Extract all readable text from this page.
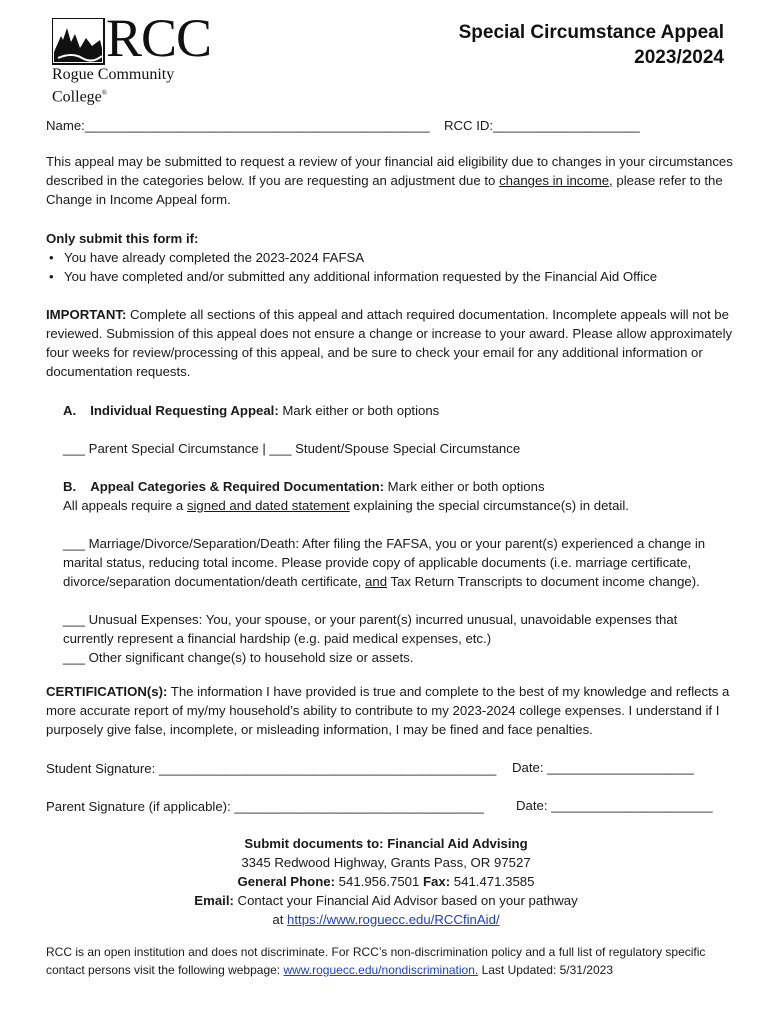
RCC
Rogue Community College®
Special Circumstance Appeal
2023/2024
Name:_______________________________________________ RCC ID:____________________

This appeal may be submitted to request a review of your financial aid eligibility due to changes in your circumstances described in the categories below. If you are requesting an adjustment due to changes in income, please refer to the Change in Income Appeal form.

Only submit this form if:
• You have already completed the 2023-2024 FAFSA
• You have completed and/or submitted any additional information requested by the Financial Aid Office

IMPORTANT: Complete all sections of this appeal and attach required documentation. Incomplete appeals will not be reviewed. Submission of this appeal does not ensure a change or increase to your award. Please allow approximately four weeks for review/processing of this appeal, and be sure to check your email for any additional information or documentation requests.

A. Individual Requesting Appeal: Mark either or both options
___ Parent Special Circumstance | ___ Student/Spouse Special Circumstance
B. Appeal Categories & Required Documentation: Mark either or both options

All appeals require a signed and dated statement explaining the special circumstance(s) in detail.

___ Marriage/Divorce/Separation/Death: After filing the FAFSA, you or your parent(s) experienced a change in marital status, reducing total income. Please provide copy of applicable documents (i.e. marriage certificate, divorce/separation documentation/death certificate, and Tax Return Transcripts to document income change).

___ Unusual Expenses: You, your spouse, or your parent(s) incurred unusual, unavoidable expenses that currently represent a financial hardship (e.g. paid medical expenses, etc.)

___ Other significant change(s) to household size or assets.

CERTIFICATION(s): The information I have provided is true and complete to the best of my knowledge and reflects a more accurate report of my/my household’s ability to contribute to my 2023-2024 college expenses. I understand if I purposely give false, incomplete, or misleading information, I may be fined and face penalties.

Student Signature: ______________________________________________ Date: ____________________
Parent Signature (if applicable): __________________________________ Date: ______________________
Submit documents to: Financial Aid Advising
3345 Redwood Highway, Grants Pass, OR 97527
General Phone: 541.956.7501 Fax: 541.471.3585
Email: Contact your Financial Aid Advisor based on your pathway
at https://www.roguecc.edu/RCCfinAid/

RCC is an open institution and does not discriminate. For RCC’s non-discrimination policy and a full list of regulatory specific contact persons visit the following webpage: www.roguecc.edu/nondiscrimination. Last Updated: 5/31/2023
